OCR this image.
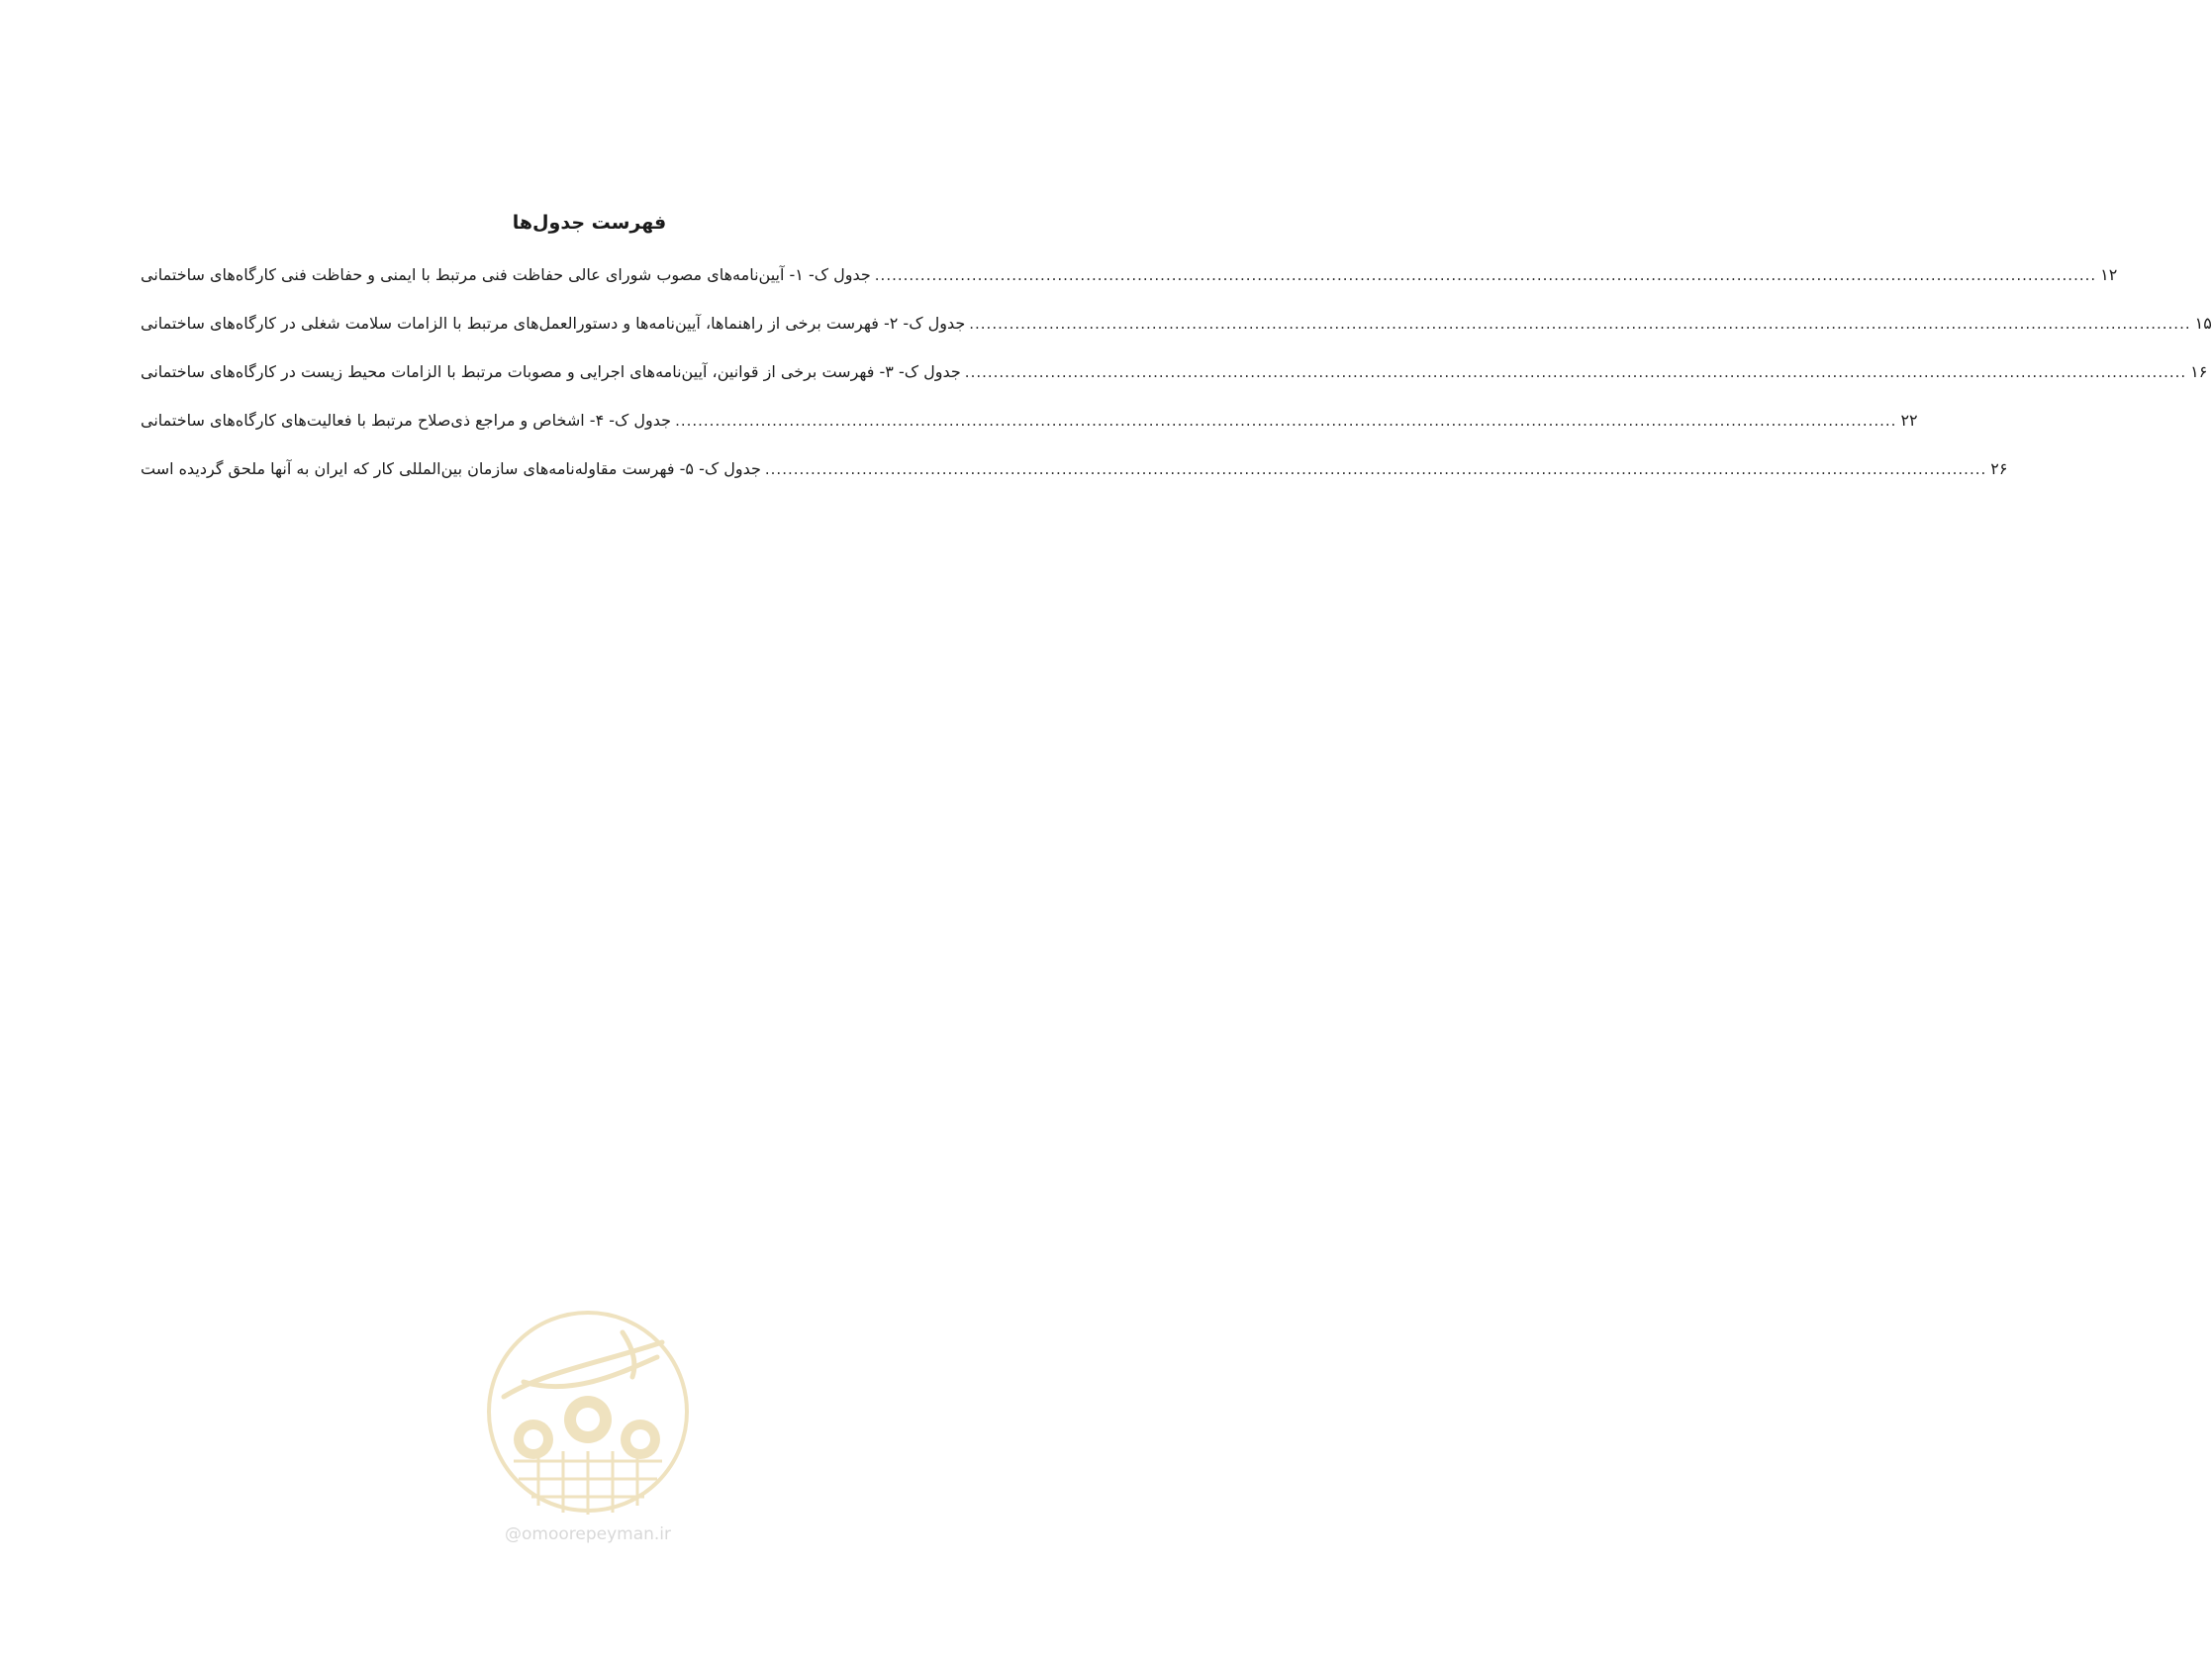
فهرست جدول‌ها
جدول ک- ۱- آیین‌نامه‌های مصوب شورای عالی حفاظت فنی مرتبط با ایمنی و حفاظت فنی کارگاه‌های ساختمانی .....	۱۲
جدول ک- ۲- فهرست برخی از راهنماها، آیین‌نامه‌ها و دستورالعمل‌های مرتبط با الزامات سلامت شغلی در کارگاه‌های ساختمانی .....	۱۵
جدول ک- ۳- فهرست برخی از قوانین، آیین‌نامه‌های اجرایی و مصوبات مرتبط با الزامات محیط زیست در کارگاه‌های ساختمانی .....	۱۶
جدول ک- ۴- اشخاص و مراجع ذی‌صلاح مرتبط با فعالیت‌های کارگاه‌های ساختمانی .....	۲۲
جدول ک- ۵- فهرست مقاوله‌نامه‌های سازمان بین‌المللی کار که ایران به آنها ملحق گردیده است .....	۲۶
@omoorepeyman.ir
